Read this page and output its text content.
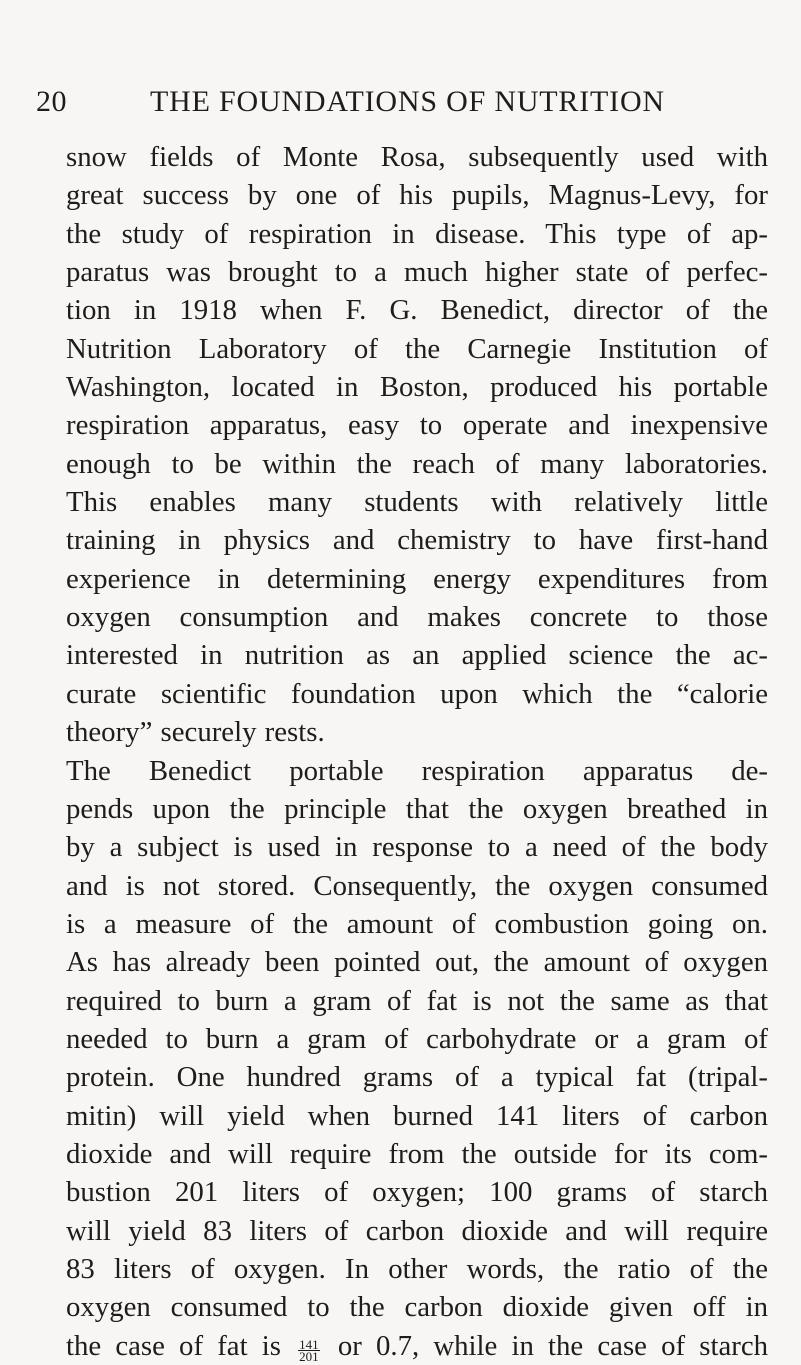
20	THE FOUNDATIONS OF NUTRITION
snow fields of Monte Rosa, subsequently used with
great success by one of his pupils, Magnus-Levy, for
the study of respiration in disease. This type of ap-
paratus was brought to a much higher state of perfec-
tion in 1918 when F. G. Benedict, director of the
Nutrition Laboratory of the Carnegie Institution of
Washington, located in Boston, produced his portable
respiration apparatus, easy to operate and inexpensive
enough to be within the reach of many laboratories.
This enables many students with relatively little
training in physics and chemistry to have first-hand
experience in determining energy expenditures from
oxygen consumption and makes concrete to those
interested in nutrition as an applied science the ac-
curate scientific foundation upon which the “calorie
theory” securely rests.
The Benedict portable respiration apparatus de-
pends upon the principle that the oxygen breathed in
by a subject is used in response to a need of the body
and is not stored. Consequently, the oxygen consumed
is a measure of the amount of combustion going on.
As has already been pointed out, the amount of oxygen
required to burn a gram of fat is not the same as that
needed to burn a gram of carbohydrate or a gram of
protein. One hundred grams of a typical fat (tripal-
mitin) will yield when burned 141 liters of carbon
dioxide and will require from the outside for its com-
bustion 201 liters of oxygen; 100 grams of starch
will yield 83 liters of carbon dioxide and will require
83 liters of oxygen. In other words, the ratio of the
oxygen consumed to the carbon dioxide given off in
the case of fat is $\frac{141}{201}$ or 0.7, while in the case of starch
